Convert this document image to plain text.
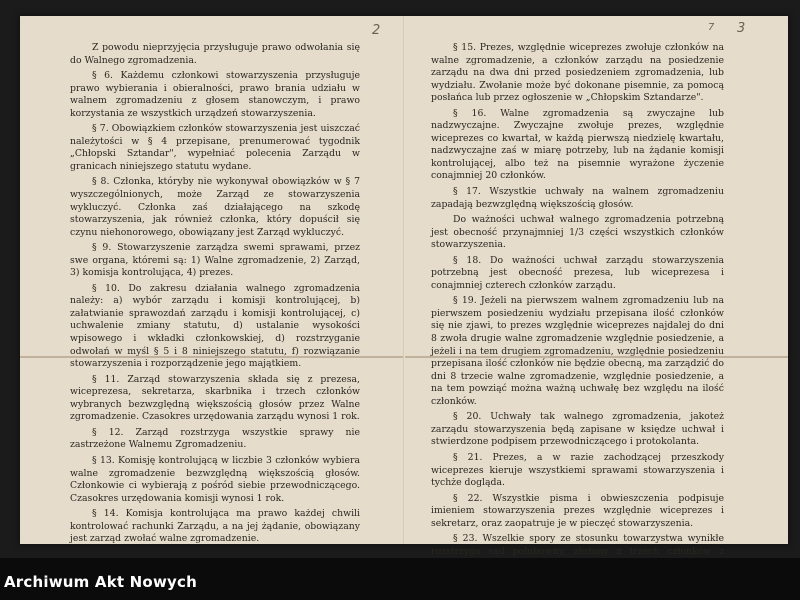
2	7 3

Z powodu nieprzyjęcia przysługuje prawo odwołania się do Walnego zgromadzenia.

§ 6. Każdemu członkowi stowarzyszenia przysługuje prawo wybierania i obieralności, prawo brania udziału w walnem zgromadzeniu z głosem stanowczym, i prawo korzystania ze wszystkich urządzeń stowarzyszenia.

§ 7. Obowiązkiem członków stowarzyszenia jest uiszczać należytości w § 4 przepisane, prenumerować tygodnik „Chłopski Sztandar", wypełniać polecenia Zarządu w granicach niniejszego statutu wydane.

§ 8. Członka, któryby nie wykonywał obowiązków w § 7 wyszczególnionych, może Zarząd ze stowarzyszenia wykluczyć. Członka zaś działającego na szkodę stowarzyszenia, jak również członka, który dopuścił się czynu niehonorowego, obowiązany jest Zarząd wykluczyć.

§ 9. Stowarzyszenie zarządza swemi sprawami, przez swe organa, któremi są: 1) Walne zgromadzenie, 2) Zarząd, 3) komisja kontrolująca, 4) prezes.

§ 10. Do zakresu działania walnego zgromadzenia należy: a) wybór zarządu i komisji kontrolującej, b) załatwianie sprawozdań zarządu i komisji kontrolującej, c) uchwalenie zmiany statutu, d) ustalanie wysokości wpisowego i wkładki członkowskiej, d) rozstrzyganie odwołań w myśl § 5 i 8 niniejszego statutu, f) rozwiązanie stowarzyszenia i rozporządzenie jego majątkiem.

§ 11. Zarząd stowarzyszenia składa się z prezesa, wiceprezesa, sekretarza, skarbnika i trzech członków wybranych bezwzględną większością głosów przez Walne zgromadzenie. Czasokres urzędowania zarządu wynosi 1 rok.

§ 12. Zarząd rozstrzyga wszystkie sprawy nie zastrzeżone Walnemu Zgromadzeniu.

§ 13. Komisję kontrolującą w liczbie 3 członków wybiera walne zgromadzenie bezwzględną większością głosów. Członkowie ci wybierają z pośród siebie przewodniczącego. Czasokres urzędowania komisji wynosi 1 rok.

§ 14. Komisja kontrolująca ma prawo każdej chwili kontrolować rachunki Zarządu, a na jej żądanie, obowiązany jest zarząd zwołać walne zgromadzenie.

§ 15. Prezes, względnie wiceprezes zwołuje członków na walne zgromadzenie, a członków zarządu na posiedzenie zarządu na dwa dni przed posiedzeniem zgromadzenia, lub wydziału. Zwołanie może być dokonane pisemnie, za pomocą posłańca lub przez ogłoszenie w „Chłopskim Sztandarze".

§ 16. Walne zgromadzenia są zwyczajne lub nadzwyczajne. Zwyczajne zwołuje prezes, względnie wiceprezes co kwartał, w każdą pierwszą niedzielę kwartału, nadzwyczajne zaś w miarę potrzeby, lub na żądanie komisji kontrolującej, albo też na pisemnie wyrażone życzenie conajmniej 20 członków.

§ 17. Wszystkie uchwały na walnem zgromadzeniu zapadają bezwzględną większością głosów.

Do ważności uchwał walnego zgromadzenia potrzebną jest obecność przynajmniej 1/3 części wszystkich członków stowarzyszenia.

§ 18. Do ważności uchwał zarządu stowarzyszenia potrzebną jest obecność prezesa, lub wiceprezesa i conajmniej czterech członków zarządu.

§ 19. Jeżeli na pierwszem walnem zgromadzeniu lub na pierwszem posiedzeniu wydziału przepisana ilość członków się nie zjawi, to prezes względnie wiceprezes najdalej do dni 8 zwoła drugie walne zgromadzenie względnie posiedzenie, a jeżeli i na tem drugiem zgromadzeniu, względnie posiedzeniu przepisana ilość członków nie będzie obecną, ma zarządzić do dni 8 trzecie walne zgromadzenie, względnie posiedzenie, a na tem powziąć można ważną uchwałę bez względu na ilość członków.

§ 20. Uchwały tak walnego zgromadzenia, jakoteż zarządu stowarzyszenia będą zapisane w księdze uchwał i stwierdzone podpisem przewodniczącego i protokolanta.

§ 21. Prezes, a w razie zachodzącej przeszkody wiceprezes kieruje wszystkiemi sprawami stowarzyszenia i tychże dogląda.

§ 22. Wszystkie pisma i obwieszczenia podpisuje imieniem stowarzyszenia prezes względnie wiceprezes i sekretarz, oraz zaopatruje je w pieczęć stowarzyszenia.

§ 23. Wszelkie spory ze stosunku towarzystwa wynikłe rozstrzyga sąd polubowny, złożony z trzech członków z

Archiwum Akt Nowych
